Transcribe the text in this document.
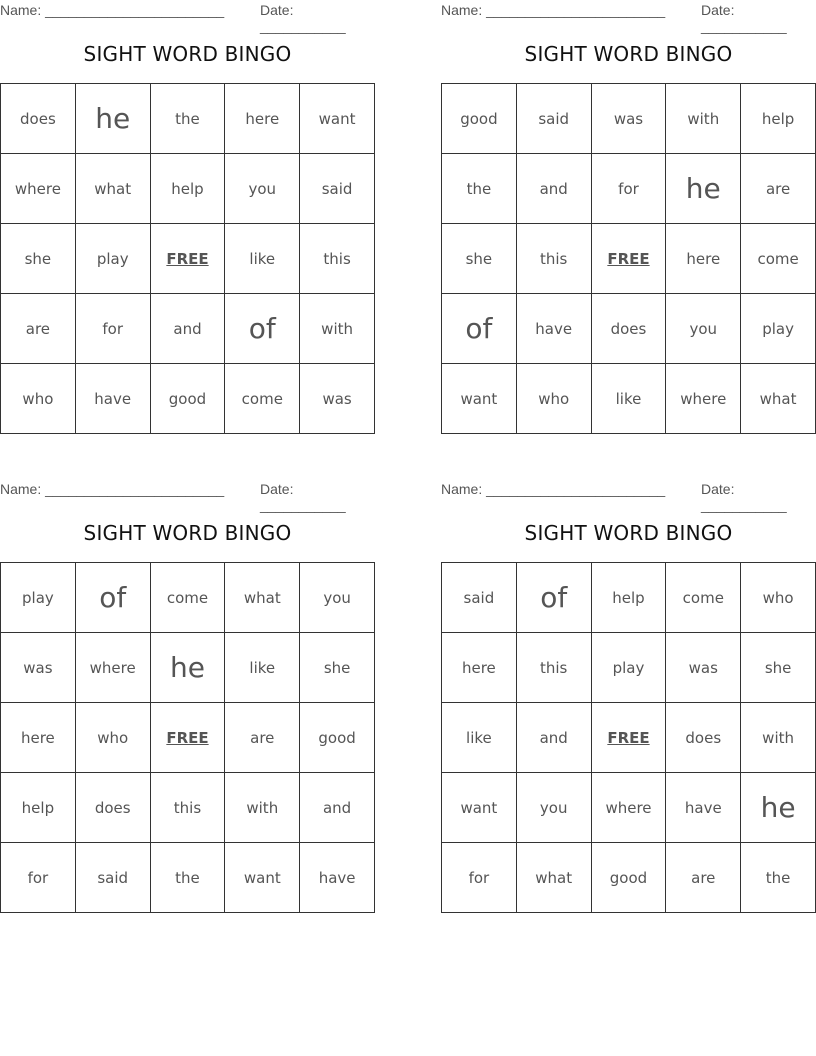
Name: _______________________	Date: ___________
SIGHT WORD BINGO
does	he	the	here	want
where	what	help	you	said
she	play	FREE	like	this
are	for	and	of	with
who	have	good	come	was
Name: _______________________	Date: ___________
SIGHT WORD BINGO
good	said	was	with	help
the	and	for	he	are
she	this	FREE	here	come
of	have	does	you	play
want	who	like	where	what
Name: _______________________	Date: ___________
SIGHT WORD BINGO
play	of	come	what	you
was	where	he	like	she
here	who	FREE	are	good
help	does	this	with	and
for	said	the	want	have
Name: _______________________	Date: ___________
SIGHT WORD BINGO
said	of	help	come	who
here	this	play	was	she
like	and	FREE	does	with
want	you	where	have	he
for	what	good	are	the
